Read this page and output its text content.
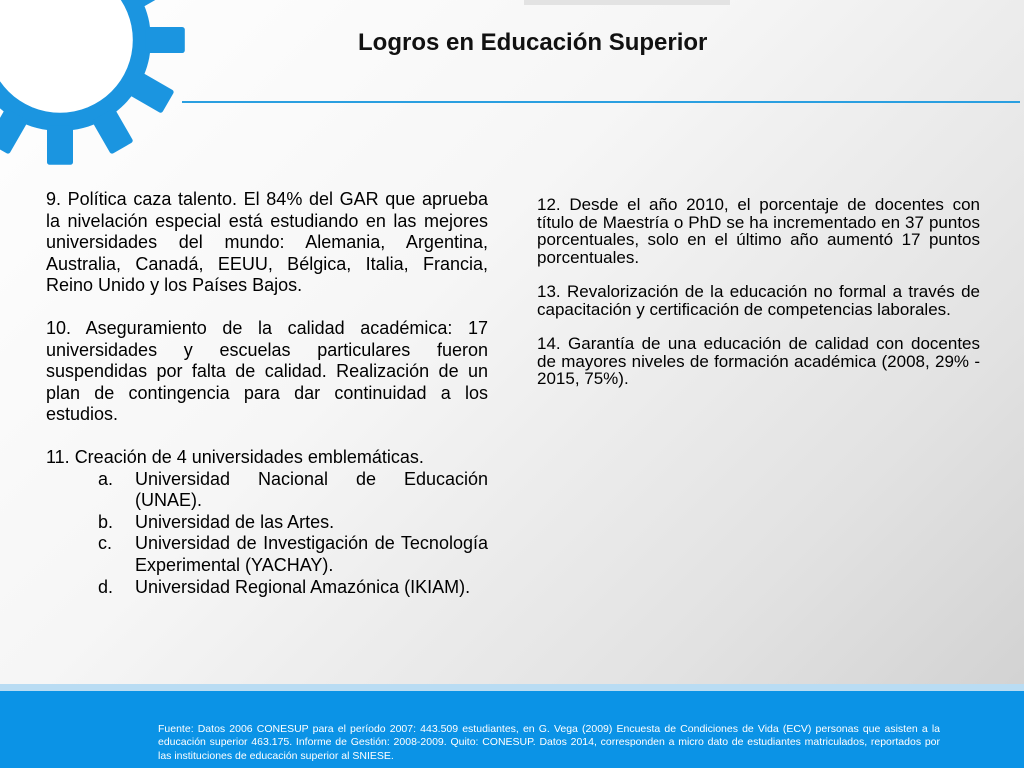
Logros en Educación Superior

9. Política caza talento. El 84% del GAR que aprueba la nivelación especial está estudiando en las mejores universidades del mundo: Alemania, Argentina, Australia, Canadá, EEUU, Bélgica, Italia, Francia, Reino Unido y los Países Bajos.

10. Aseguramiento de la calidad académica: 17 universidades y escuelas particulares fueron suspendidas por falta de calidad. Realización de un plan de contingencia para dar continuidad a los estudios.

11. Creación de 4 universidades emblemáticas.

a. Universidad Nacional de Educación (UNAE).
b. Universidad de las Artes.
c. Universidad de Investigación de Tecnología Experimental (YACHAY).
d. Universidad Regional Amazónica (IKIAM).

12. Desde el año 2010, el porcentaje de docentes con título de Maestría o PhD se ha incrementado en 37 puntos porcentuales, solo en el último año aumentó 17 puntos porcentuales.

13. Revalorización de la educación no formal a través de capacitación y certificación de competencias laborales.

14. Garantía de una educación de calidad con docentes de mayores niveles de formación académica (2008, 29% - 2015, 75%).

Fuente: Datos 2006 CONESUP para el período 2007: 443.509 estudiantes, en G. Vega (2009) Encuesta de Condiciones de Vida (ECV) personas que asisten a la educación superior 463.175. Informe de Gestión: 2008-2009. Quito: CONESUP. Datos 2014, corresponden a micro dato de estudiantes matriculados, reportados por las instituciones de educación superior al SNIESE.
